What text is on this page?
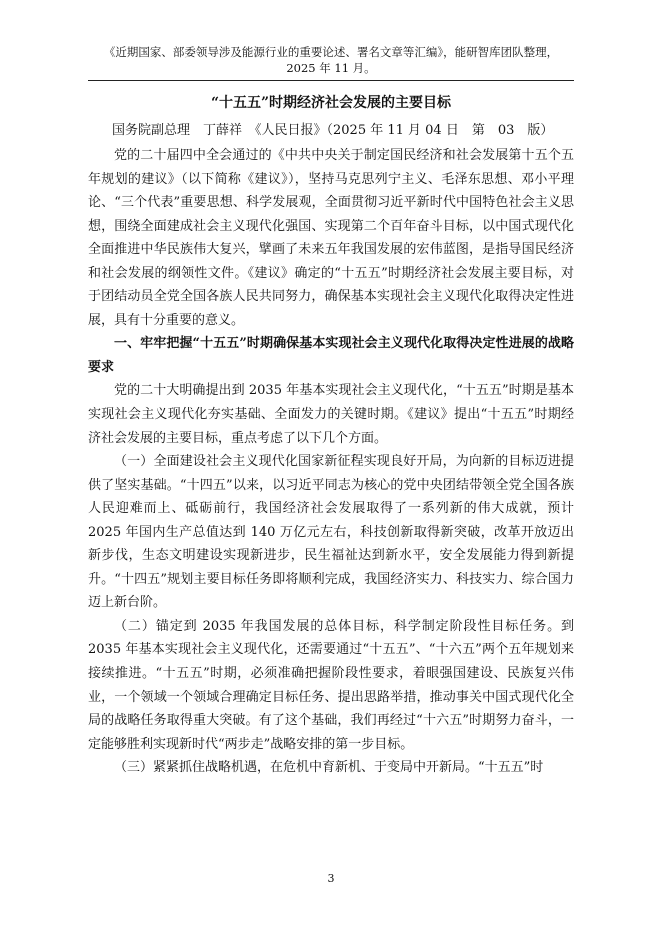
《近期国家、部委领导涉及能源行业的重要论述、署名文章等汇编》，能研智库团队整理，
2025 年 11 月。
“十五五”时期经济社会发展的主要目标
国务院副总理　丁薛祥　《人民日报》（2025 年 11 月 04 日　第　03　版）

党的二十届四中全会通过的《中共中央关于制定国民经济和社会发展第十五个五年规划的建议》（以下简称《建议》），坚持马克思列宁主义、毛泽东思想、邓小平理论、“三个代表”重要思想、科学发展观，全面贯彻习近平新时代中国特色社会主义思想，围绕全面建成社会主义现代化强国、实现第二个百年奋斗目标，以中国式现代化全面推进中华民族伟大复兴，擘画了未来五年我国发展的宏伟蓝图，是指导国民经济和社会发展的纲领性文件。《建议》确定的“十五五”时期经济社会发展主要目标，对于团结动员全党全国各族人民共同努力，确保基本实现社会主义现代化取得决定性进展，具有十分重要的意义。

一、牢牢把握“十五五”时期确保基本实现社会主义现代化取得决定性进展的战略要求

党的二十大明确提出到 2035 年基本实现社会主义现代化，“十五五”时期是基本实现社会主义现代化夯实基础、全面发力的关键时期。《建议》提出“十五五”时期经济社会发展的主要目标，重点考虑了以下几个方面。

（一）全面建设社会主义现代化国家新征程实现良好开局，为向新的目标迈进提供了坚实基础。“十四五”以来，以习近平同志为核心的党中央团结带领全党全国各族人民迎难而上、砥砺前行，我国经济社会发展取得了一系列新的伟大成就，预计 2025 年国内生产总值达到 140 万亿元左右，科技创新取得新突破，改革开放迈出新步伐，生态文明建设实现新进步，民生福祉达到新水平，安全发展能力得到新提升。“十四五”规划主要目标任务即将顺利完成，我国经济实力、科技实力、综合国力迈上新台阶。

（二）锚定到 2035 年我国发展的总体目标，科学制定阶段性目标任务。到 2035 年基本实现社会主义现代化，还需要通过“十五五”、“十六五”两个五年规划来接续推进。“十五五”时期，必须准确把握阶段性要求，着眼强国建设、民族复兴伟业，一个领域一个领域合理确定目标任务、提出思路举措，推动事关中国式现代化全局的战略任务取得重大突破。有了这个基础，我们再经过“十六五”时期努力奋斗，一定能够胜利实现新时代“两步走”战略安排的第一步目标。

（三）紧紧抓住战略机遇，在危机中育新机、于变局中开新局。“十五五”时

3
